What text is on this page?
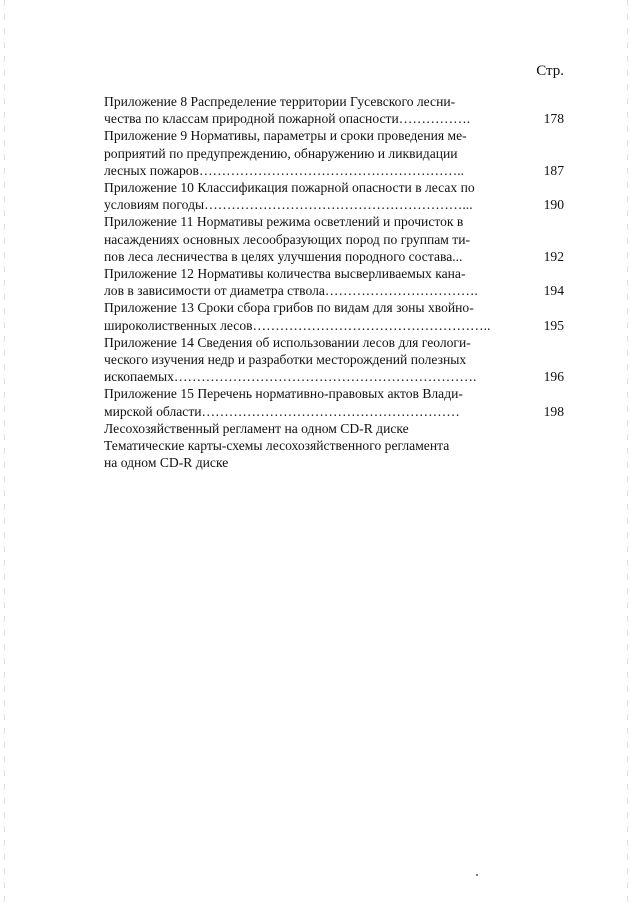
Стр.
Приложение 8 Распределение территории Гусевского лесни-
чества по классам природной пожарной опасности…………….	178
Приложение 9 Нормативы, параметры и сроки проведения ме-
роприятий по предупреждению, обнаружению и ликвидации
лесных пожаров…………………………………………………..	187
Приложение 10 Классификация пожарной опасности в лесах по
условиям погоды…………………………………………………...	190
Приложение 11 Нормативы режима осветлений и прочисток в
насаждениях основных лесообразующих пород по группам ти-
пов леса лесничества в целях улучшения породного состава...	192
Приложение 12 Нормативы количества высверливаемых кана-
лов в зависимости от диаметра ствола…………………………….	194
Приложение 13 Сроки сбора грибов по видам для зоны хвойно-
широколиственных лесов……………………………………………..	195
Приложение 14 Сведения об использовании лесов для геологи-
ческого изучения недр и разработки месторождений полезных
ископаемых………………………………………………………….	196
Приложение 15 Перечень нормативно-правовых актов Влади-
мирской области…………………………………………………	198
Лесохозяйственный регламент на одном CD-R диске
Тематические карты-схемы лесохозяйственного регламента
на одном CD-R диске
